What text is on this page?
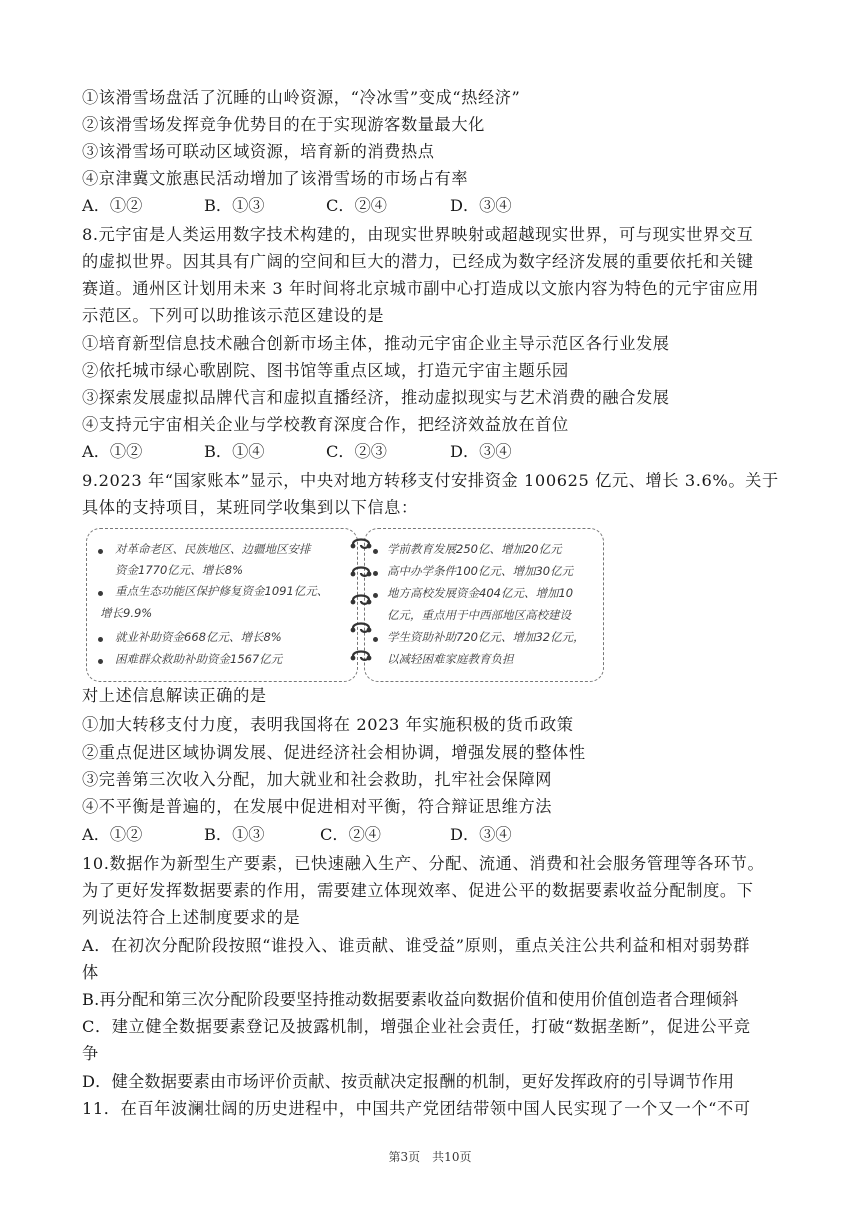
①该滑雪场盘活了沉睡的山岭资源，“冷冰雪”变成“热经济”
②该滑雪场发挥竞争优势目的在于实现游客数量最大化
③该滑雪场可联动区域资源，培育新的消费热点
④京津冀文旅惠民活动增加了该滑雪场的市场占有率
A．①②	B．①③	C．②④	D．③④
8.元宇宙是人类运用数字技术构建的，由现实世界映射或超越现实世界，可与现实世界交互
的虚拟世界。因其具有广阔的空间和巨大的潜力，已经成为数字经济发展的重要依托和关键
赛道。通州区计划用未来 3 年时间将北京城市副中心打造成以文旅内容为特色的元宇宙应用
示范区。下列可以助推该示范区建设的是
①培育新型信息技术融合创新市场主体，推动元宇宙企业主导示范区各行业发展
②依托城市绿心歌剧院、图书馆等重点区域，打造元宇宙主题乐园
③探索发展虚拟品牌代言和虚拟直播经济，推动虚拟现实与艺术消费的融合发展
④支持元宇宙相关企业与学校教育深度合作，把经济效益放在首位
A．①②	B．①④	C．②③	D．③④
9.2023 年“国家账本”显示，中央对地方转移支付安排资金 100625 亿元、增长 3.6%。关于
具体的支持项目，某班同学收集到以下信息：
对革命老区、民族地区、边疆地区安排
资金1770亿元、增长8%
重点生态功能区保护修复资金1091亿元、
增长9.9%
就业补助资金668亿元、增长8%
困难群众救助补助资金1567亿元
学前教育发展250亿、增加20亿元
高中办学条件100亿元、增加30亿元
地方高校发展资金404亿元、增加10
亿元，重点用于中西部地区高校建设
学生资助补助720亿元、增加32亿元，
以减轻困难家庭教育负担
对上述信息解读正确的是
①加大转移支付力度，表明我国将在 2023 年实施积极的货币政策
②重点促进区域协调发展、促进经济社会相协调，增强发展的整体性
③完善第三次收入分配，加大就业和社会救助，扎牢社会保障网
④不平衡是普遍的，在发展中促进相对平衡，符合辩证思维方法
A．①②	B．①③	C．②④	D．③④
10.数据作为新型生产要素，已快速融入生产、分配、流通、消费和社会服务管理等各环节。
为了更好发挥数据要素的作用，需要建立体现效率、促进公平的数据要素收益分配制度。下
列说法符合上述制度要求的是
A．在初次分配阶段按照“谁投入、谁贡献、谁受益”原则，重点关注公共利益和相对弱势群
体
B.再分配和第三次分配阶段要坚持推动数据要素收益向数据价值和使用价值创造者合理倾斜
C．建立健全数据要素登记及披露机制，增强企业社会责任，打破“数据垄断”，促进公平竞
争
D．健全数据要素由市场评价贡献、按贡献决定报酬的机制，更好发挥政府的引导调节作用
11．在百年波澜壮阔的历史进程中，中国共产党团结带领中国人民实现了一个又一个“不可
第3页　共10页
